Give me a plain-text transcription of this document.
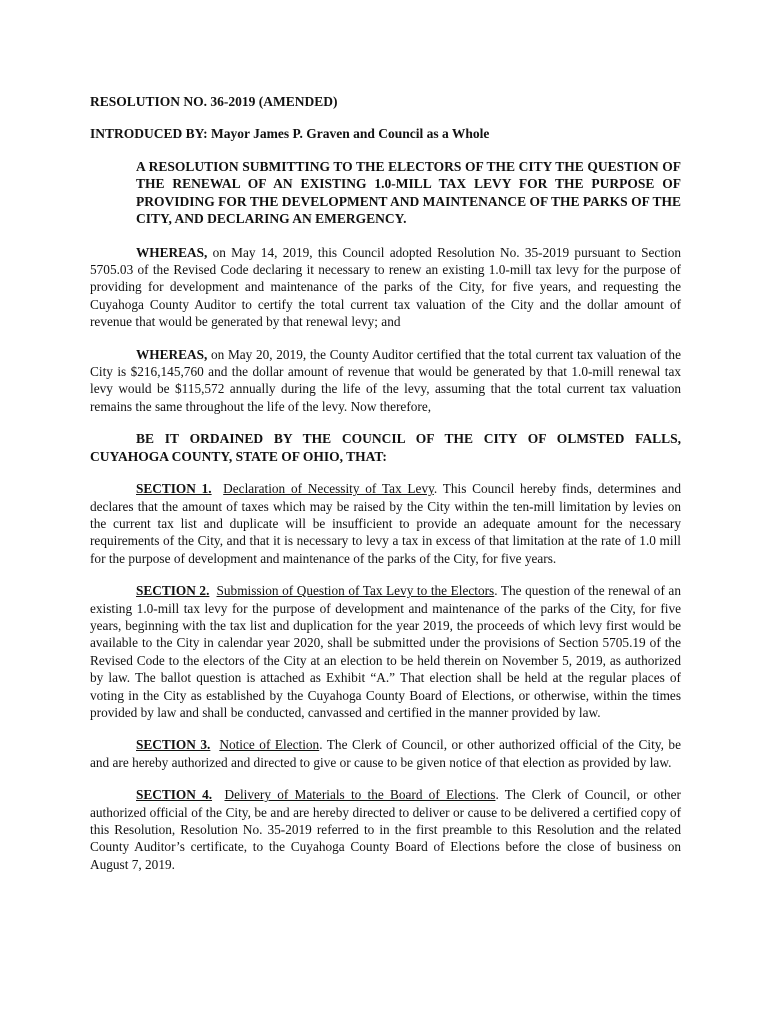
RESOLUTION NO. 36-2019 (AMENDED)

INTRODUCED BY: Mayor James P. Graven and Council as a Whole

A RESOLUTION SUBMITTING TO THE ELECTORS OF THE CITY THE QUESTION OF THE RENEWAL OF AN EXISTING 1.0-MILL TAX LEVY FOR THE PURPOSE OF PROVIDING FOR THE DEVELOPMENT AND MAINTENANCE OF THE PARKS OF THE CITY, AND DECLARING AN EMERGENCY.

WHEREAS, on May 14, 2019, this Council adopted Resolution No. 35-2019 pursuant to Section 5705.03 of the Revised Code declaring it necessary to renew an existing 1.0-mill tax levy for the purpose of providing for development and maintenance of the parks of the City, for five years, and requesting the Cuyahoga County Auditor to certify the total current tax valuation of the City and the dollar amount of revenue that would be generated by that renewal levy; and

WHEREAS, on May 20, 2019, the County Auditor certified that the total current tax valuation of the City is $216,145,760 and the dollar amount of revenue that would be generated by that 1.0-mill renewal tax levy would be $115,572 annually during the life of the levy, assuming that the total current tax valuation remains the same throughout the life of the levy. Now therefore,

BE IT ORDAINED BY THE COUNCIL OF THE CITY OF OLMSTED FALLS, CUYAHOGA COUNTY, STATE OF OHIO, THAT:

SECTION 1. Declaration of Necessity of Tax Levy. This Council hereby finds, determines and declares that the amount of taxes which may be raised by the City within the ten-mill limitation by levies on the current tax list and duplicate will be insufficient to provide an adequate amount for the necessary requirements of the City, and that it is necessary to levy a tax in excess of that limitation at the rate of 1.0 mill for the purpose of development and maintenance of the parks of the City, for five years.

SECTION 2. Submission of Question of Tax Levy to the Electors. The question of the renewal of an existing 1.0-mill tax levy for the purpose of development and maintenance of the parks of the City, for five years, beginning with the tax list and duplication for the year 2019, the proceeds of which levy first would be available to the City in calendar year 2020, shall be submitted under the provisions of Section 5705.19 of the Revised Code to the electors of the City at an election to be held therein on November 5, 2019, as authorized by law. The ballot question is attached as Exhibit “A.” That election shall be held at the regular places of voting in the City as established by the Cuyahoga County Board of Elections, or otherwise, within the times provided by law and shall be conducted, canvassed and certified in the manner provided by law.

SECTION 3. Notice of Election. The Clerk of Council, or other authorized official of the City, be and are hereby authorized and directed to give or cause to be given notice of that election as provided by law.

SECTION 4. Delivery of Materials to the Board of Elections. The Clerk of Council, or other authorized official of the City, be and are hereby directed to deliver or cause to be delivered a certified copy of this Resolution, Resolution No. 35-2019 referred to in the first preamble to this Resolution and the related County Auditor’s certificate, to the Cuyahoga County Board of Elections before the close of business on August 7, 2019.
